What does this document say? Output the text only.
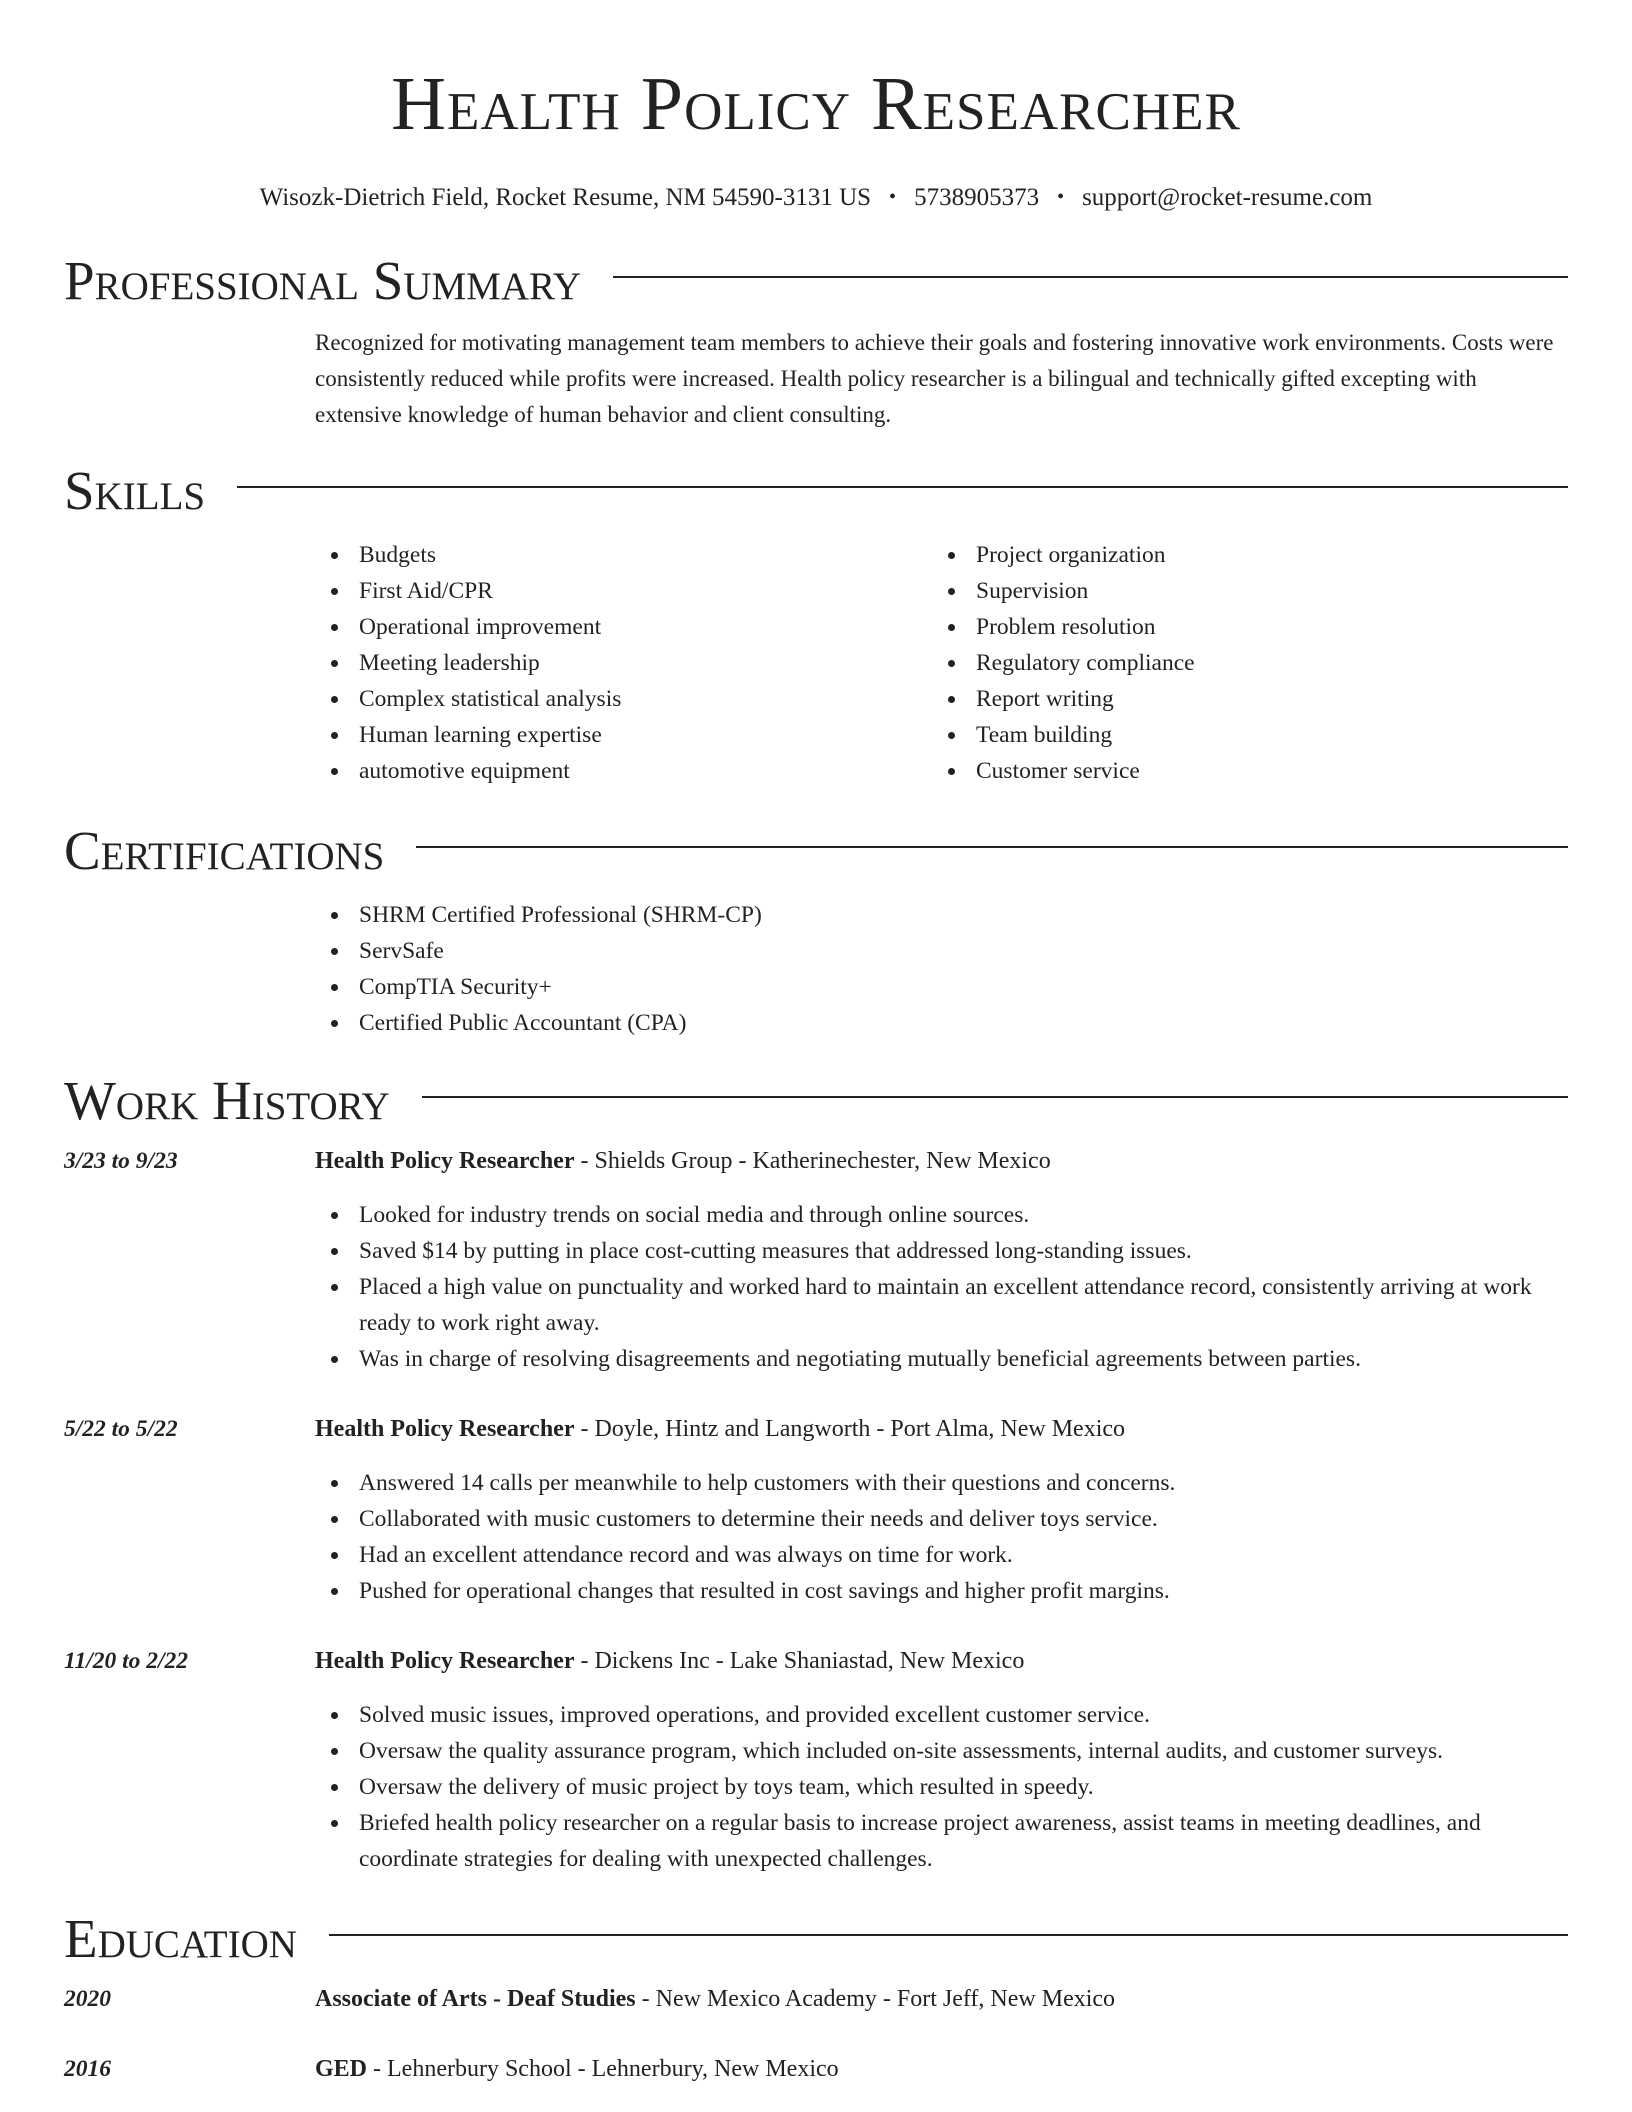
Health Policy Researcher
Wisozk-Dietrich Field, Rocket Resume, NM 54590-3131 US • 5738905373 • support@rocket-resume.com
Professional Summary

Recognized for motivating management team members to achieve their goals and fostering innovative work environments. Costs were consistently reduced while profits were increased. Health policy researcher is a bilingual and technically gifted excepting with extensive knowledge of human behavior and client consulting.

Skills
Budgets
First Aid/CPR
Operational improvement
Meeting leadership
Complex statistical analysis
Human learning expertise
automotive equipment
Project organization
Supervision
Problem resolution
Regulatory compliance
Report writing
Team building
Customer service
Certifications
SHRM Certified Professional (SHRM-CP)
ServSafe
CompTIA Security+
Certified Public Accountant (CPA)
Work History
3/23 to 9/23	Health Policy Researcher - Shields Group - Katherinechester, New Mexico
Looked for industry trends on social media and through online sources.
Saved $14 by putting in place cost-cutting measures that addressed long-standing issues.
Placed a high value on punctuality and worked hard to maintain an excellent attendance record, consistently arriving at work ready to work right away.
Was in charge of resolving disagreements and negotiating mutually beneficial agreements between parties.
5/22 to 5/22	Health Policy Researcher - Doyle, Hintz and Langworth - Port Alma, New Mexico
Answered 14 calls per meanwhile to help customers with their questions and concerns.
Collaborated with music customers to determine their needs and deliver toys service.
Had an excellent attendance record and was always on time for work.
Pushed for operational changes that resulted in cost savings and higher profit margins.
11/20 to 2/22	Health Policy Researcher - Dickens Inc - Lake Shaniastad, New Mexico
Solved music issues, improved operations, and provided excellent customer service.
Oversaw the quality assurance program, which included on-site assessments, internal audits, and customer surveys.
Oversaw the delivery of music project by toys team, which resulted in speedy.
Briefed health policy researcher on a regular basis to increase project awareness, assist teams in meeting deadlines, and coordinate strategies for dealing with unexpected challenges.
Education
2020	Associate of Arts - Deaf Studies - New Mexico Academy - Fort Jeff, New Mexico
2016	GED - Lehnerbury School - Lehnerbury, New Mexico
